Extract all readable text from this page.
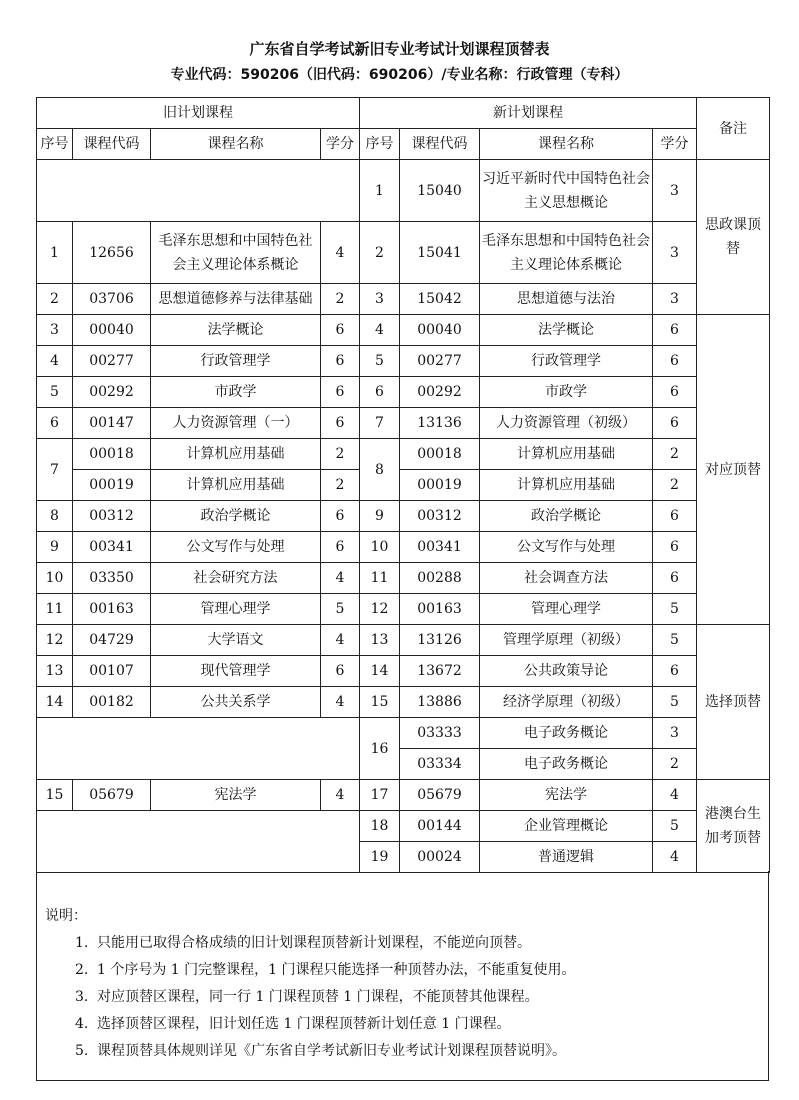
广东省自学考试新旧专业考试计划课程顶替表
专业代码：590206（旧代码：690206）/专业名称：行政管理（专科）
旧计划课程				新计划课程				备注
序号	课程代码	课程名称	学分	序号	课程代码	课程名称	学分	
				1	15040	习近平新时代中国特色社会主义思想概论	3	思政课顶替
1	12656	毛泽东思想和中国特色社会主义理论体系概论	4	2	15041	毛泽东思想和中国特色社会主义理论体系概论	3	
2	03706	思想道德修养与法律基础	2	3	15042	思想道德与法治	3	
3	00040	法学概论	6	4	00040	法学概论	6	对应顶替
4	00277	行政管理学	6	5	00277	行政管理学	6	
5	00292	市政学	6	6	00292	市政学	6	
6	00147	人力资源管理（一）	6	7	13136	人力资源管理（初级）	6	
7	00018	计算机应用基础	2	8	00018	计算机应用基础	2	
	00019	计算机应用基础	2		00019	计算机应用基础	2	
8	00312	政治学概论	6	9	00312	政治学概论	6	
9	00341	公文写作与处理	6	10	00341	公文写作与处理	6	
10	03350	社会研究方法	4	11	00288	社会调查方法	6	
11	00163	管理心理学	5	12	00163	管理心理学	5	
12	04729	大学语文	4	13	13126	管理学原理（初级）	5	选择顶替
13	00107	现代管理学	6	14	13672	公共政策导论	6	
14	00182	公共关系学	4	15	13886	经济学原理（初级）	5	
				16	03333	电子政务概论	3	
					03334	电子政务概论	2	
15	05679	宪法学	4	17	05679	宪法学	4	港澳台生加考顶替
				18	00144	企业管理概论	5	
				19	00024	普通逻辑	4	
说明：
1. 只能用已取得合格成绩的旧计划课程顶替新计划课程，不能逆向顶替。
2. 1 个序号为 1 门完整课程，1 门课程只能选择一种顶替办法，不能重复使用。
3. 对应顶替区课程，同一行 1 门课程顶替 1 门课程，不能顶替其他课程。
4. 选择顶替区课程，旧计划任选 1 门课程顶替新计划任意 1 门课程。
5. 课程顶替具体规则详见《广东省自学考试新旧专业考试计划课程顶替说明》。
